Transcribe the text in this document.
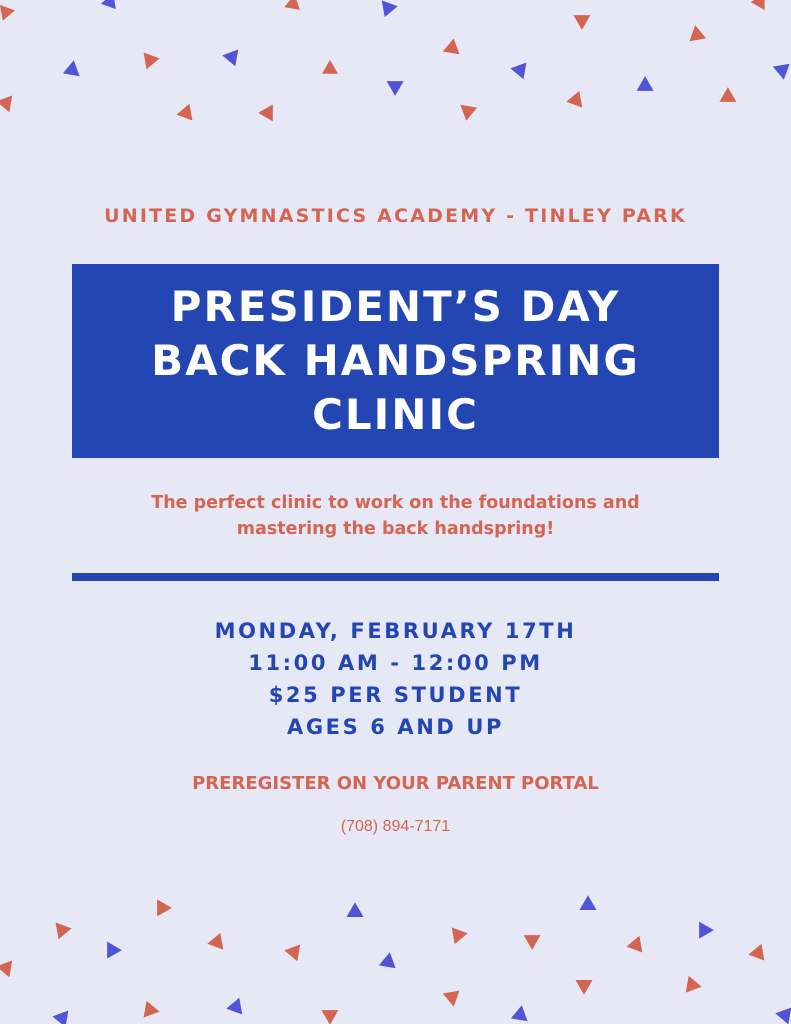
UNITED GYMNASTICS ACADEMY - TINLEY PARK
PRESIDENT’S DAY
BACK HANDSPRING
CLINIC
The perfect clinic to work on the foundations and
mastering the back handspring!
MONDAY, FEBRUARY 17TH
11:00 AM - 12:00 PM
$25 PER STUDENT
AGES 6 AND UP
PREREGISTER ON YOUR PARENT PORTAL
(708) 894-7171
